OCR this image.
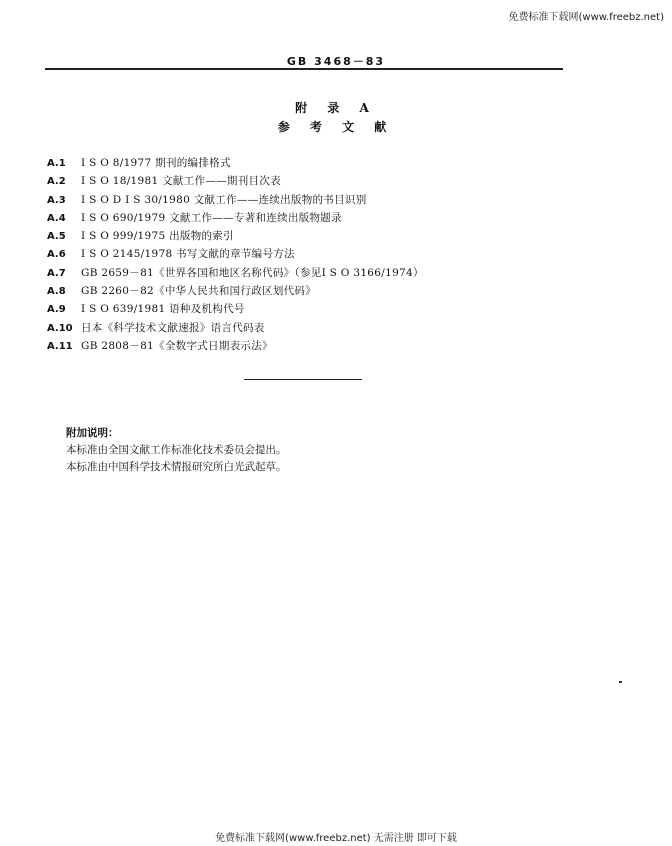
免费标准下载网(www.freebz.net)
GB 3468－83
附 录 A
参 考 文 献
A.1	I S O 8/1977 期刊的编排格式
A.2	I S O 18/1981 文献工作——期刊目次表
A.3	I S O D I S 30/1980 文献工作——连续出版物的书目识别
A.4	I S O 690/1979 文献工作——专著和连续出版物题录
A.5	I S O 999/1975 出版物的索引
A.6	I S O 2145/1978 书写文献的章节编号方法
A.7	GB 2659－81《世界各国和地区名称代码》（参见I S O 3166/1974）
A.8	GB 2260－82《中华人民共和国行政区划代码》
A.9	I S O 639/1981 语种及机构代号
A.10 日本《科学技术文献速报》语言代码表
A.11 GB 2808－81《全数字式日期表示法》
附加说明：
本标准由全国文献工作标准化技术委员会提出。
本标准由中国科学技术情报研究所白光武起草。
免费标准下载网(www.freebz.net) 无需注册 即可下载
